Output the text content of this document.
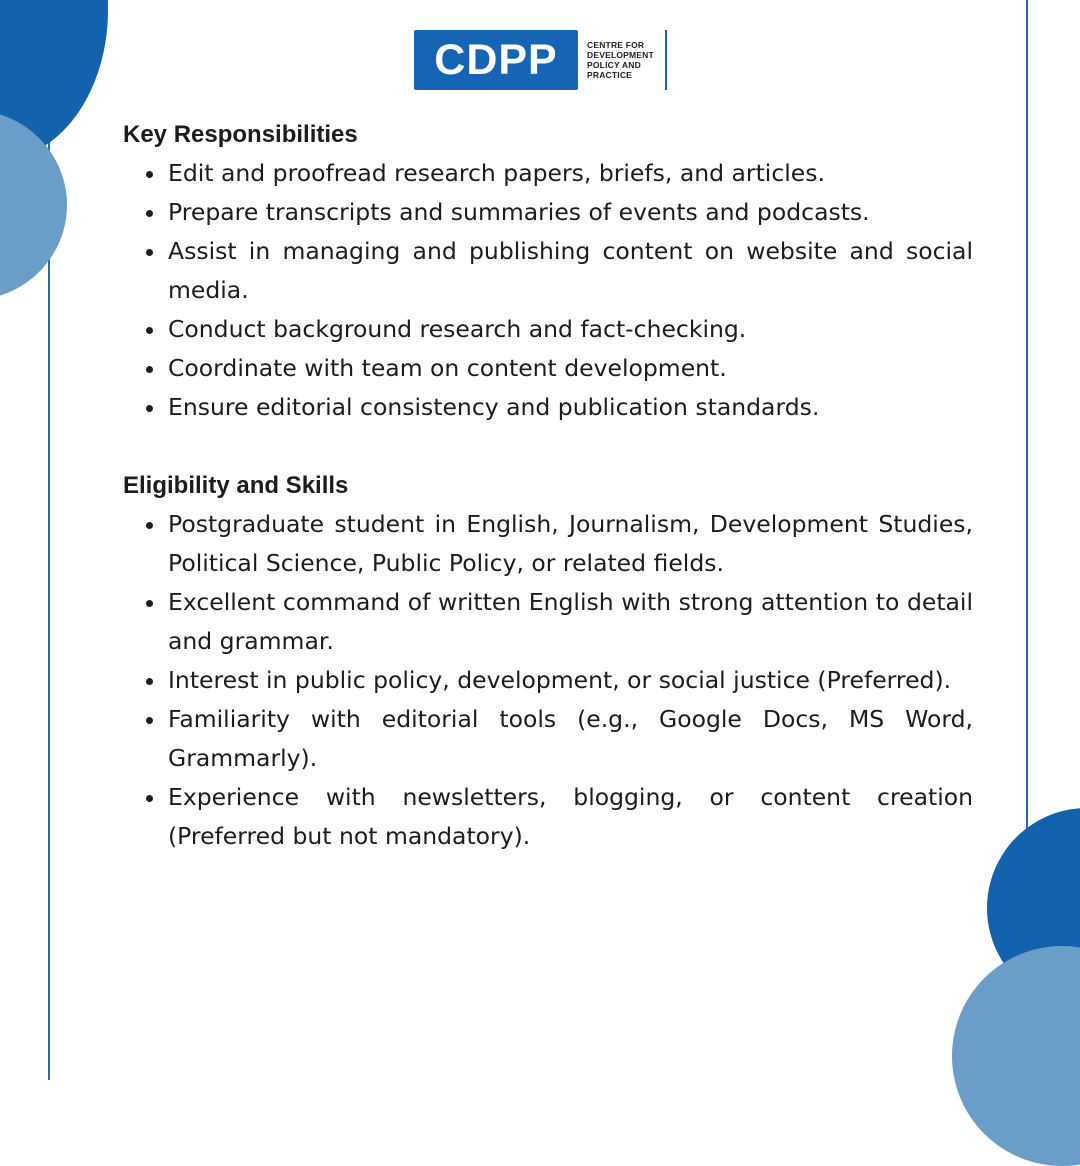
CDPP	CENTRE FOR
DEVELOPMENT
POLICY AND
PRACTICE
Key Responsibilities
Edit and proofread research papers, briefs, and articles.
Prepare transcripts and summaries of events and podcasts.
Assist in managing and publishing content on website and social media.
Conduct background research and fact-checking.
Coordinate with team on content development.
Ensure editorial consistency and publication standards.
Eligibility and Skills
Postgraduate student in English, Journalism, Development Studies, Political Science, Public Policy, or related fields.
Excellent command of written English with strong attention to detail and grammar.
Interest in public policy, development, or social justice (Preferred).
Familiarity with editorial tools (e.g., Google Docs, MS Word, Grammarly).
Experience with newsletters, blogging, or content creation (Preferred but not mandatory).
